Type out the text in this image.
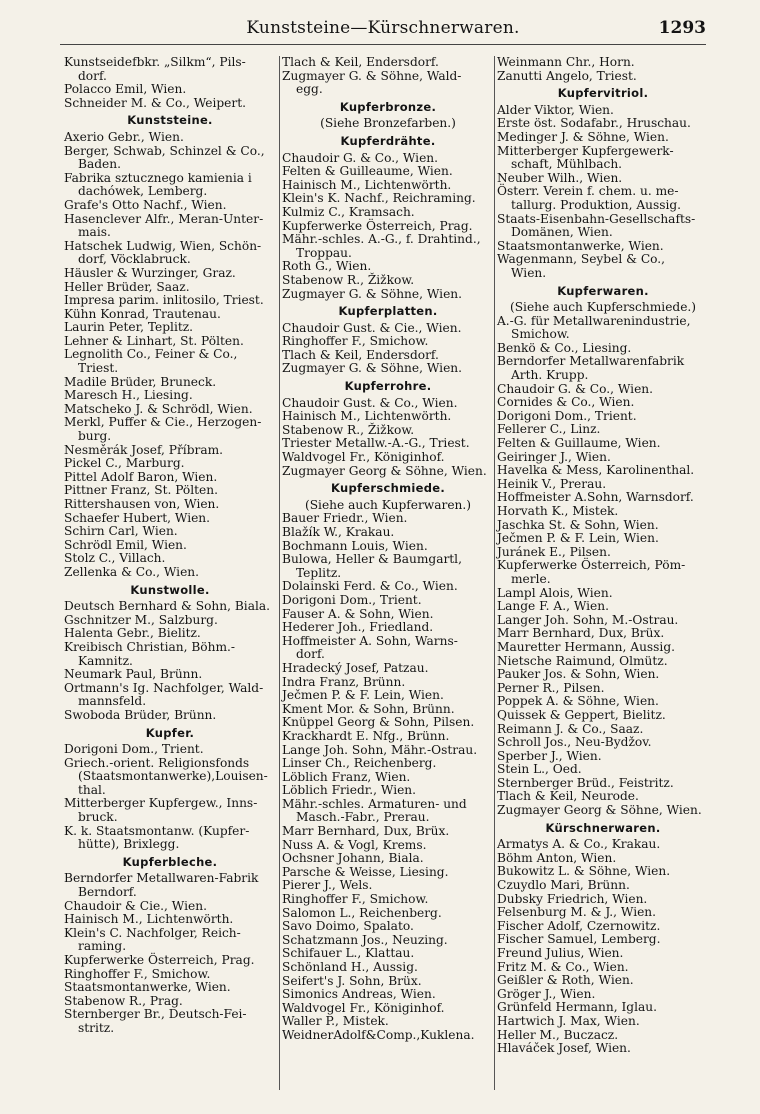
Kunststeine—Kürschnerwaren.	1293
Kunstseidefbkr. „Silkm“, Pils-
dorf.
Polacco Emil, Wien.
Schneider M. & Co., Weipert.
Kunststeine.
Axerio Gebr., Wien.
Berger, Schwab, Schinzel & Co.,
Baden.
Fabrika sztucznego kamienia i
dachówek, Lemberg.
Grafe's Otto Nachf., Wien.
Hasenclever Alfr., Meran-Unter-
mais.
Hatschek Ludwig, Wien, Schön-
dorf, Vöcklabruck.
Häusler & Wurzinger, Graz.
Heller Brüder, Saaz.
Impresa parim. inlitosilo, Triest.
Kühn Konrad, Trautenau.
Laurin Peter, Teplitz.
Lehner & Linhart, St. Pölten.
Legnolith Co., Feiner & Co.,
Triest.
Madile Brüder, Bruneck.
Maresch H., Liesing.
Matscheko J. & Schrödl, Wien.
Merkl, Puffer & Cie., Herzogen-
burg.
Nesměrák Josef, Příbram.
Pickel C., Marburg.
Pittel Adolf Baron, Wien.
Pittner Franz, St. Pölten.
Rittershausen von, Wien.
Schaefer Hubert, Wien.
Schirn Carl, Wien.
Schrödl Emil, Wien.
Stolz C., Villach.
Zellenka & Co., Wien.
Kunstwolle.
Deutsch Bernhard & Sohn, Biala.
Gschnitzer M., Salzburg.
Halenta Gebr., Bielitz.
Kreibisch Christian, Böhm.-
Kamnitz.
Neumark Paul, Brünn.
Ortmann's Ig. Nachfolger, Wald-
mannsfeld.
Swoboda Brüder, Brünn.
Kupfer.
Dorigoni Dom., Trient.
Griech.-orient. Religionsfonds
(Staatsmontanwerke),Louisen-
thal.
Mitterberger Kupfergew., Inns-
bruck.
K. k. Staatsmontanw. (Kupfer-
hütte), Brixlegg.
Kupferbleche.
Berndorfer Metallwaren-Fabrik
Berndorf.
Chaudoir & Cie., Wien.
Hainisch M., Lichtenwörth.
Klein's C. Nachfolger, Reich-
raming.
Kupferwerke Österreich, Prag.
Ringhoffer F., Smichow.
Staatsmontanwerke, Wien.
Stabenow R., Prag.
Sternberger Br., Deutsch-Fei-
stritz.
Tlach & Keil, Endersdorf.
Zugmayer G. & Söhne, Wald-
egg.
Kupferbronze.
(Siehe Bronzefarben.)
Kupferdrähte.
Chaudoir G. & Co., Wien.
Felten & Guilleaume, Wien.
Hainisch M., Lichtenwörth.
Klein's K. Nachf., Reichraming.
Kulmiz C., Kramsach.
Kupferwerke Österreich, Prag.
Mähr.-schles. A.-G., f. Drahtind.,
Troppau.
Roth G., Wien.
Stabenow R., Žižkow.
Zugmayer G. & Söhne, Wien.
Kupferplatten.
Chaudoir Gust. & Cie., Wien.
Ringhoffer F., Smichow.
Tlach & Keil, Endersdorf.
Zugmayer G. & Söhne, Wien.
Kupferrohre.
Chaudoir Gust. & Co., Wien.
Hainisch M., Lichtenwörth.
Stabenow R., Žižkow.
Triester Metallw.-A.-G., Triest.
Waldvogel Fr., Königinhof.
Zugmayer Georg & Söhne, Wien.
Kupferschmiede.
(Siehe auch Kupferwaren.)
Bauer Friedr., Wien.
Blažík W., Krakau.
Bochmann Louis, Wien.
Bulowa, Heller & Baumgartl,
Teplitz.
Dolainski Ferd. & Co., Wien.
Dorigoni Dom., Trient.
Fauser A. & Sohn, Wien.
Hederer Joh., Friedland.
Hoffmeister A. Sohn, Warns-
dorf.
Hradecký Josef, Patzau.
Indra Franz, Brünn.
Ječmen P. & F. Lein, Wien.
Kment Mor. & Sohn, Brünn.
Knüppel Georg & Sohn, Pilsen.
Krackhardt E. Nfg., Brünn.
Lange Joh. Sohn, Mähr.-Ostrau.
Linser Ch., Reichenberg.
Löblich Franz, Wien.
Löblich Friedr., Wien.
Mähr.-schles. Armaturen- und
Masch.-Fabr., Prerau.
Marr Bernhard, Dux, Brüx.
Nuss A. & Vogl, Krems.
Ochsner Johann, Biala.
Parsche & Weisse, Liesing.
Pierer J., Wels.
Ringhoffer F., Smichow.
Salomon L., Reichenberg.
Savo Doimo, Spalato.
Schatzmann Jos., Neuzing.
Schifauer L., Klattau.
Schönland H., Aussig.
Seifert's J. Sohn, Brüx.
Simonics Andreas, Wien.
Waldvogel Fr., Königinhof.
Waller P., Mistek.
WeidnerAdolf&Comp.,Kuklena.
Weinmann Chr., Horn.
Zanutti Angelo, Triest.
Kupfervitriol.
Alder Viktor, Wien.
Erste öst. Sodafabr., Hruschau.
Medinger J. & Söhne, Wien.
Mitterberger Kupfergewerk-
schaft, Mühlbach.
Neuber Wilh., Wien.
Österr. Verein f. chem. u. me-
tallurg. Produktion, Aussig.
Staats-Eisenbahn-Gesellschafts-
Domänen, Wien.
Staatsmontanwerke, Wien.
Wagenmann, Seybel & Co.,
Wien.
Kupferwaren.
(Siehe auch Kupferschmiede.)
A.-G. für Metallwarenindustrie,
Smichow.
Benkö & Co., Liesing.
Berndorfer Metallwarenfabrik
Arth. Krupp.
Chaudoir G. & Co., Wien.
Cornides & Co., Wien.
Dorigoni Dom., Trient.
Fellerer C., Linz.
Felten & Guillaume, Wien.
Geiringer J., Wien.
Havelka & Mess, Karolinenthal.
Heinik V., Prerau.
Hoffmeister A.Sohn, Warnsdorf.
Horvath K., Mistek.
Jaschka St. & Sohn, Wien.
Ječmen P. & F. Lein, Wien.
Juránek E., Pilsen.
Kupferwerke Österreich, Pöm-
merle.
Lampl Alois, Wien.
Lange F. A., Wien.
Langer Joh. Sohn, M.-Ostrau.
Marr Bernhard, Dux, Brüx.
Mauretter Hermann, Aussig.
Nietsche Raimund, Olmütz.
Pauker Jos. & Sohn, Wien.
Perner R., Pilsen.
Poppek A. & Söhne, Wien.
Quissek & Geppert, Bielitz.
Reimann J. & Co., Saaz.
Schroll Jos., Neu-Bydžov.
Sperber J., Wien.
Stein L., Oed.
Sternberger Brüd., Feistritz.
Tlach & Keil, Neurode.
Zugmayer Georg & Söhne, Wien.
Kürschnerwaren.
Armatys A. & Co., Krakau.
Böhm Anton, Wien.
Bukowitz L. & Söhne, Wien.
Czuydlo Mari, Brünn.
Dubsky Friedrich, Wien.
Felsenburg M. & J., Wien.
Fischer Adolf, Czernowitz.
Fischer Samuel, Lemberg.
Freund Julius, Wien.
Fritz M. & Co., Wien.
Geißler & Roth, Wien.
Gröger J., Wien.
Grünfeld Hermann, Iglau.
Hartwich J. Max, Wien.
Heller M., Buczacz.
Hlaváček Josef, Wien.
